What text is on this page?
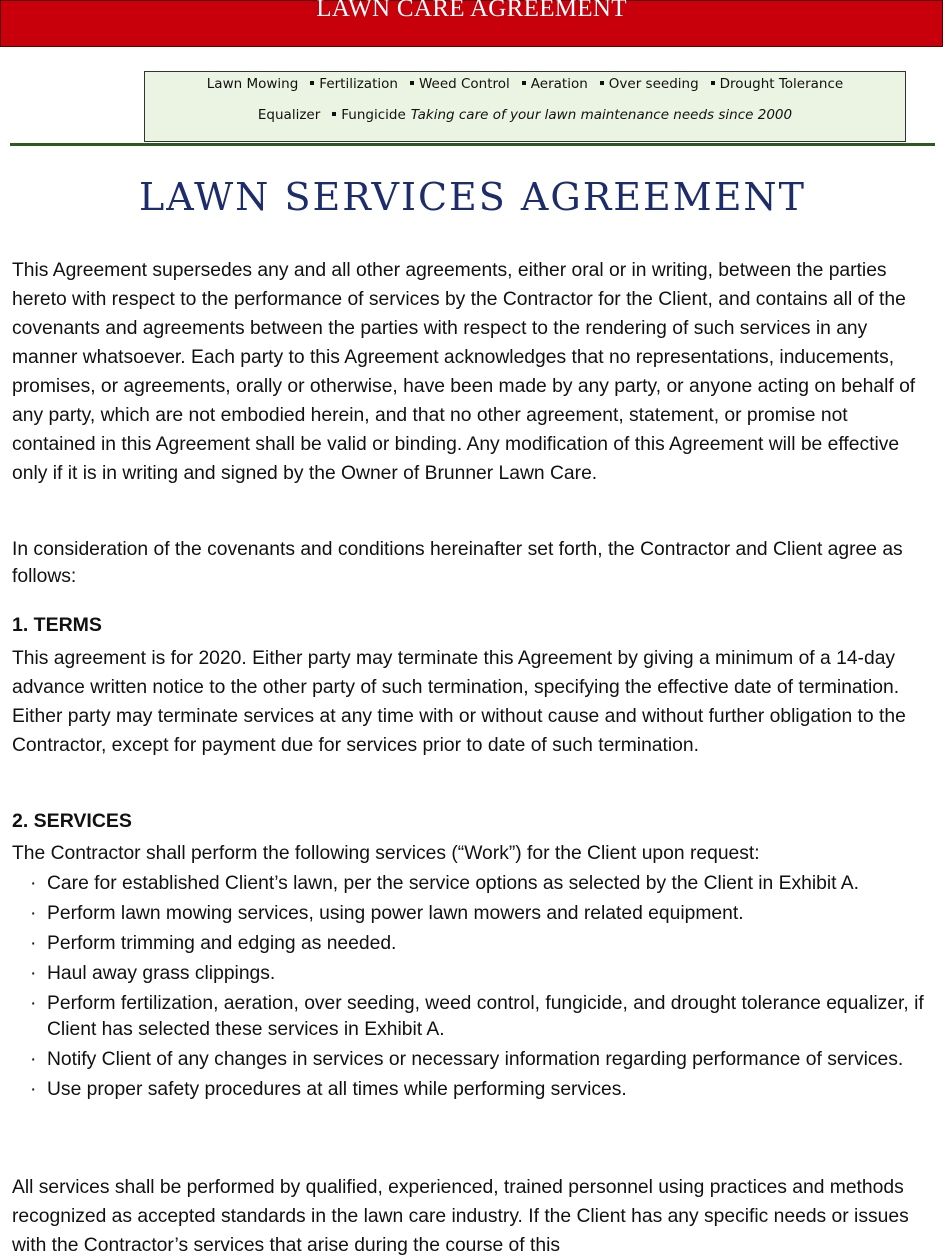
LAWN CARE AGREEMENT
Lawn Mowing Fertilization Weed Control Aeration Over seeding Drought Tolerance
Equalizer Fungicide Taking care of your lawn maintenance needs since 2000
LAWN SERVICES AGREEMENT
This Agreement supersedes any and all other agreements, either oral or in writing, between the parties hereto with respect to the performance of services by the Contractor for the Client, and contains all of the covenants and agreements between the parties with respect to the rendering of such services in any manner whatsoever. Each party to this Agreement acknowledges that no representations, inducements, promises, or agreements, orally or otherwise, have been made by any party, or anyone acting on behalf of any party, which are not embodied herein, and that no other agreement, statement, or promise not contained in this Agreement shall be valid or binding. Any modification of this Agreement will be effective only if it is in writing and signed by the Owner of Brunner Lawn Care.
In consideration of the covenants and conditions hereinafter set forth, the Contractor and Client agree as follows:
1. TERMS
This agreement is for 2020. Either party may terminate this Agreement by giving a minimum of a 14-day advance written notice to the other party of such termination, specifying the effective date of termination. Either party may terminate services at any time with or without cause and without further obligation to the Contractor, except for payment due for services prior to date of such termination.
2. SERVICES
The Contractor shall perform the following services (“Work”) for the Client upon request:
· Care for established Client’s lawn, per the service options as selected by the Client in Exhibit A.
· Perform lawn mowing services, using power lawn mowers and related equipment.
· Perform trimming and edging as needed.
· Haul away grass clippings.
· Perform fertilization, aeration, over seeding, weed control, fungicide, and drought tolerance equalizer, if Client has selected these services in Exhibit A.
· Notify Client of any changes in services or necessary information regarding performance of services.
· Use proper safety procedures at all times while performing services.
All services shall be performed by qualified, experienced, trained personnel using practices and methods recognized as accepted standards in the lawn care industry. If the Client has any specific needs or issues with the Contractor’s services that arise during the course of this
